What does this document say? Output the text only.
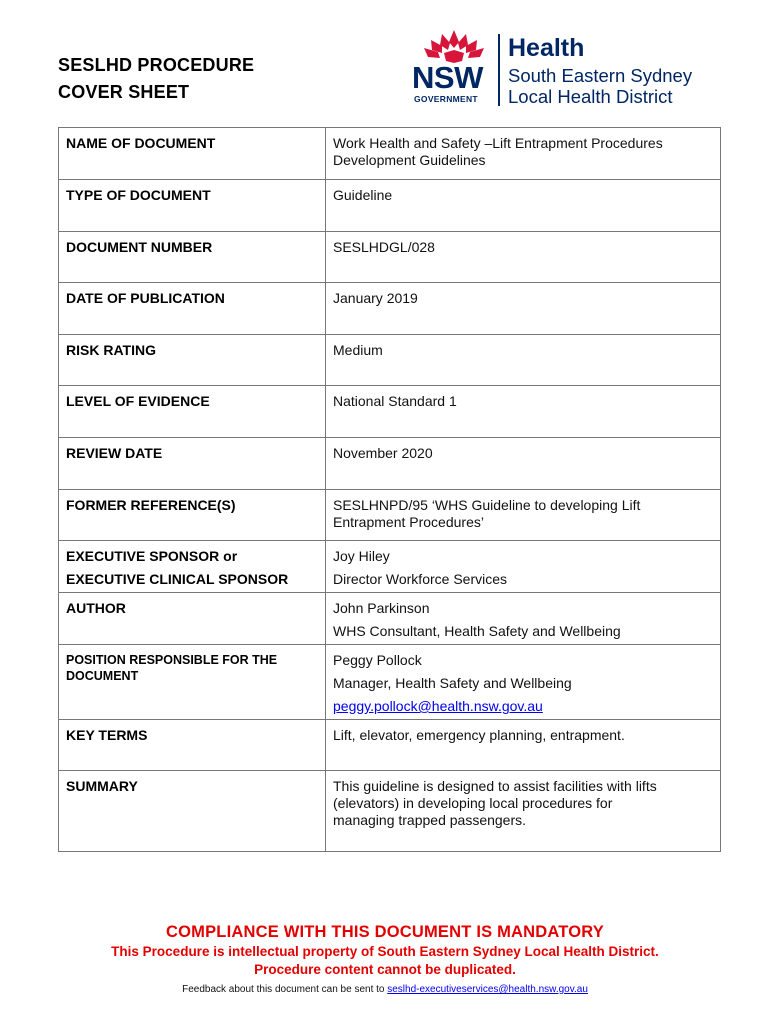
SESLHD PROCEDURE
COVER SHEET	NSW
GOVERNMENT
Health
South Eastern Sydney
Local Health District
NAME OF DOCUMENT	Work Health and Safety –Lift Entrapment Procedures
Development Guidelines

TYPE OF DOCUMENT	Guideline

DOCUMENT NUMBER	SESLHDGL/028

DATE OF PUBLICATION	January 2019

RISK RATING	Medium

LEVEL OF EVIDENCE	National Standard 1

REVIEW DATE	November 2020

FORMER REFERENCE(S)	SESLHNPD/95 ‘WHS Guideline to developing Lift
Entrapment Procedures’

EXECUTIVE SPONSOR or
EXECUTIVE CLINICAL SPONSOR	Joy Hiley
Director Workforce Services

AUTHOR	John Parkinson
WHS Consultant, Health Safety and Wellbeing

POSITION RESPONSIBLE FOR THE
DOCUMENT	Peggy Pollock
Manager, Health Safety and Wellbeing
peggy.pollock@health.nsw.gov.au

KEY TERMS	Lift, elevator, emergency planning, entrapment.

SUMMARY	This guideline is designed to assist facilities with lifts
(elevators) in developing local procedures for
managing trapped passengers.
COMPLIANCE WITH THIS DOCUMENT IS MANDATORY
This Procedure is intellectual property of South Eastern Sydney Local Health District.
Procedure content cannot be duplicated.
Feedback about this document can be sent to seslhd-executiveservices@health.nsw.gov.au
